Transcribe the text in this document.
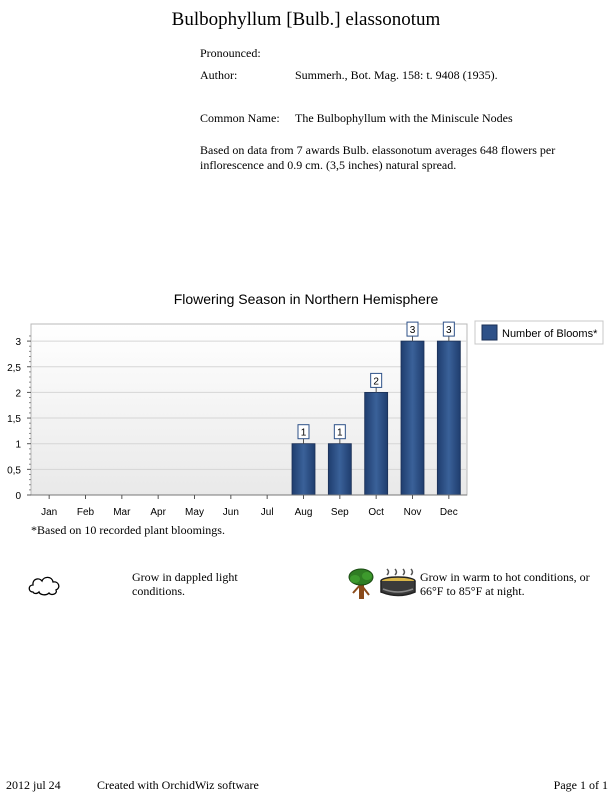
Bulbophyllum [Bulb.] elassonotum
Pronounced:
Author:	Summerh., Bot. Mag. 158: t. 9408 (1935).
Common Name: The Bulbophyllum with the Miniscule Nodes
Based on data from 7 awards Bulb. elassonotum averages 648 flowers per inflorescence and 0.9 cm. (3,5 inches) natural spread.
Flowering Season in Northern Hemisphere
1	1
2
3	3
0
0,5
1
1,5
2
2,5
3
Jan Feb Mar Apr May Jun Jul Aug Sep Oct Nov Dec
Number of Blooms*
*Based on 10 recorded plant bloomings.
Grow in dappled light conditions.
Grow in warm to hot conditions, or 66°F to 85°F at night.
2012 jul 24	Created with OrchidWiz software	Page 1 of 1
